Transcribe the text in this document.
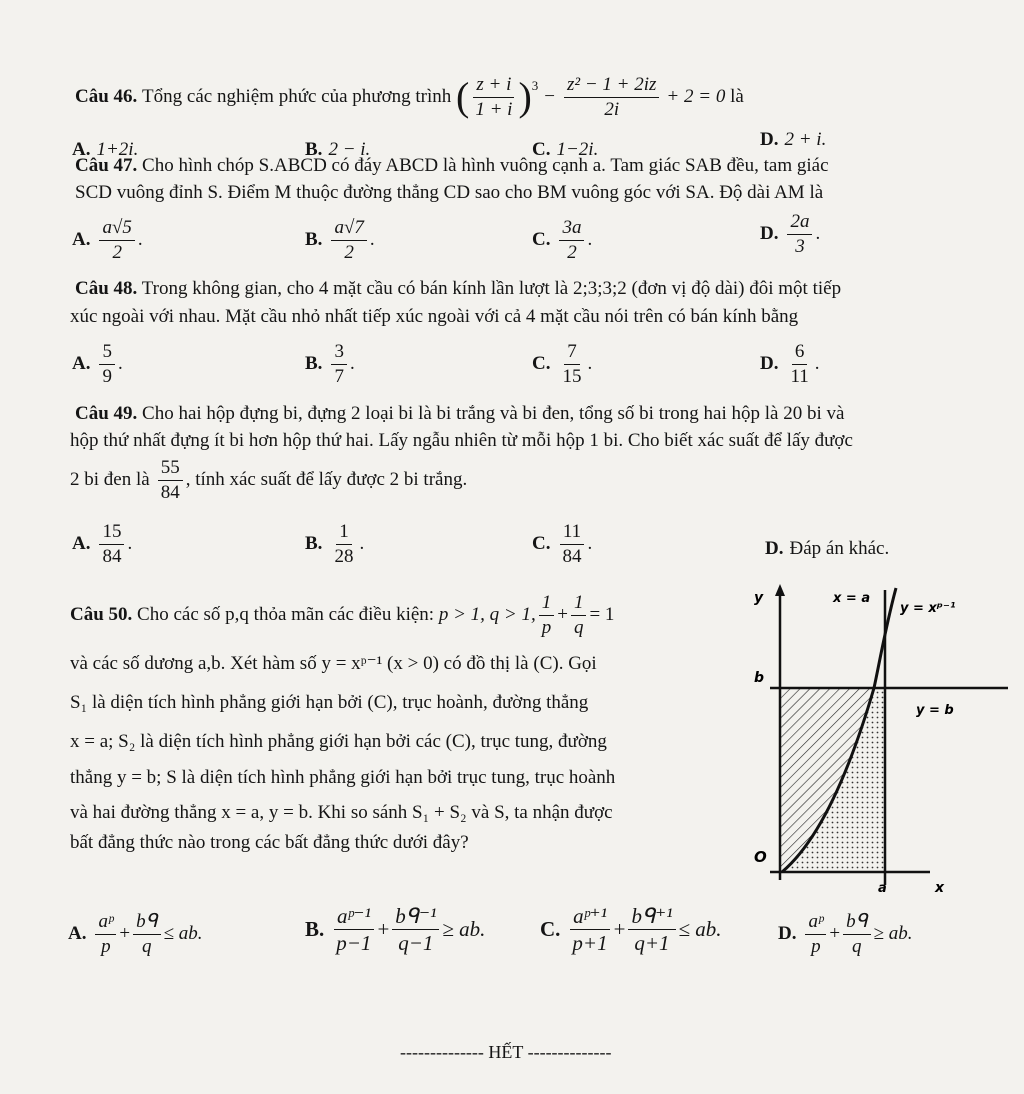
Câu 46.
Tổng các nghiệm phức của phương trình
( $\frac{z + i}{1 + i}$ ) 3
− $\frac{\text{z² − 1 + 2iz}}{2i} + 2 = 0$
là
A. 1+2i.	B. 2 − i.	C. 1−2i.	D. 2 + i.
Câu 47. Cho hình chóp S.ABCD có đáy ABCD là hình vuông cạnh a. Tam giác SAB đều, tam giác
SCD vuông đỉnh S. Điểm M thuộc đường thẳng CD sao cho BM vuông góc với SA. Độ dài AM là
A. $\frac{a√5}{2}$ .	B. $\frac{a√7}{2}$ .	C. $\frac{3a}{2}$ .	D. $\frac{2a}{3}$ .
Câu 48. Trong không gian, cho 4 mặt cầu có bán kính lần lượt là 2;3;3;2 (đơn vị độ dài) đôi một tiếp
xúc ngoài với nhau. Mặt cầu nhỏ nhất tiếp xúc ngoài với cả 4 mặt cầu nói trên có bán kính bằng
A. $\frac{5}{9}$ .	B. $\frac{3}{7}$ .	C. $\frac{7}{15}$ .	D. $\frac{6}{11}$ .
Câu 49. Cho hai hộp đựng bi, đựng 2 loại bi là bi trắng và bi đen, tổng số bi trong hai hộp là 20 bi và
hộp thứ nhất đựng ít bi hơn hộp thứ hai. Lấy ngẫu nhiên từ mỗi hộp 1 bi. Cho biết xác suất để lấy được
2 bi đen là $\frac{55}{84}$ , tính xác suất để lấy được 2 bi trắng.
A. $\frac{15}{84}$ .	B. $\frac{1}{28}$ .	C. $\frac{11}{84}$ .	D. Đáp án khác.
Câu 50.
Cho các số p,q thỏa mãn các điều kiện:
p > 1, q > 1, $\frac{1}{p} + \frac{1}{q} = 1$
và các số dương a,b. Xét hàm số y = xᵖ⁻¹ (x > 0) có đồ thị là (C). Gọi
S₁ là diện tích hình phẳng giới hạn bởi (C), trục hoành, đường thẳng
x = a; S₂ là diện tích hình phẳng giới hạn bởi các (C), trục tung, đường
thẳng y = b; S là diện tích hình phẳng giới hạn bởi trục tung, trục hoành
và hai đường thẳng x = a, y = b. Khi so sánh S₁ + S₂ và S, ta nhận được
bất đẳng thức nào trong các bất đẳng thức dưới đây?
y	x = a
y = xᵖ⁻¹
b
y = b
O
a	x
A. $\frac{\text{aᵖ}}{p} + \frac{\text{bᑫ}}{q}$ ≤ ab.	B. $\frac{\text{aᵖ⁻¹}}{p-1} + \frac{\text{bᑫ⁻¹}}{q-1}$ ≥ ab.	C. $\frac{\text{aᵖ⁺¹}}{p+1} + \frac{\text{bᑫ⁺¹}}{q+1}$ ≤ ab.	D. $\frac{\text{aᵖ}}{p} + \frac{\text{bᑫ}}{q}$ ≥ ab.
-------------- HẾT --------------
